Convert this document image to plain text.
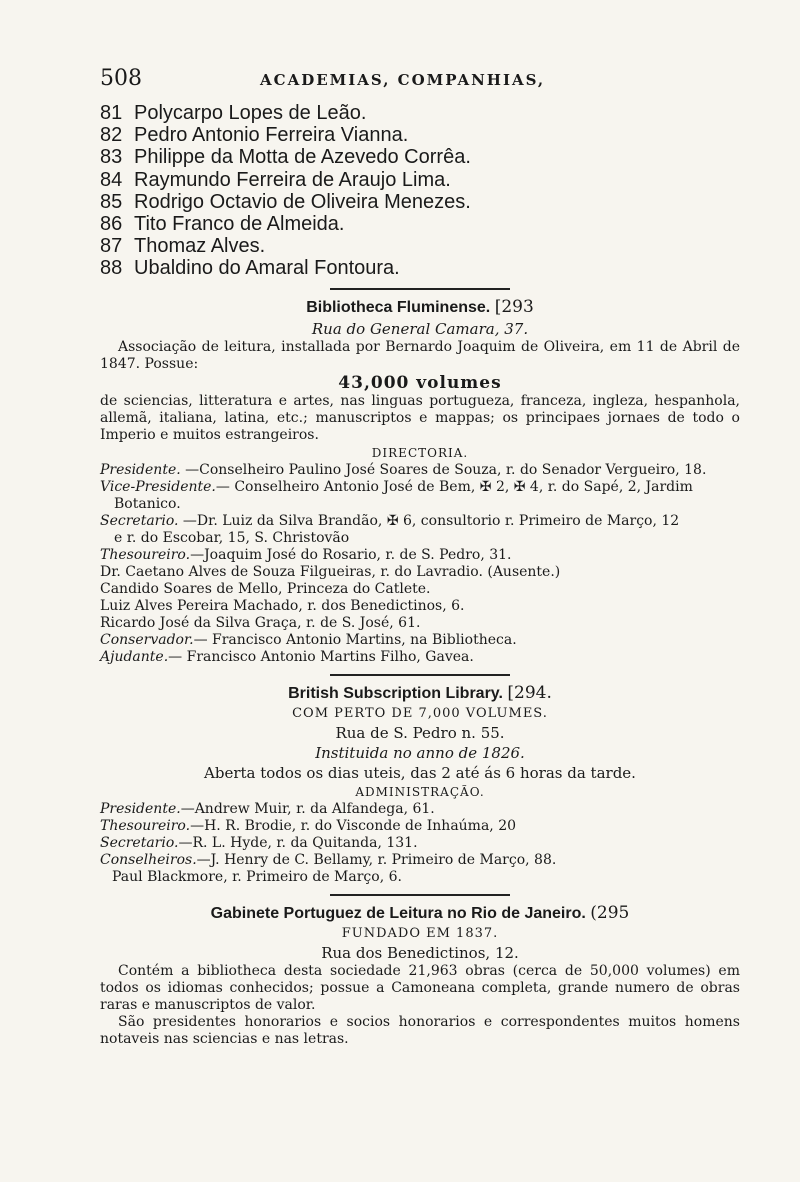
508	ACADEMIAS, COMPANHIAS,
81 Polycarpo Lopes de Leão.
82 Pedro Antonio Ferreira Vianna.
83 Philippe da Motta de Azevedo Corrêa.
84 Raymundo Ferreira de Araujo Lima.
85 Rodrigo Octavio de Oliveira Menezes.
86 Tito Franco de Almeida.
87 Thomaz Alves.
88 Ubaldino do Amaral Fontoura.
Bibliotheca Fluminense. [293
Rua do General Camara, 37.
Associação de leitura, installada por Bernardo Joaquim de Oliveira, em 11 de Abril de 1847. Possue:
43,000 volumes
de sciencias, litteratura e artes, nas linguas portugueza, franceza, ingleza, hespanhola, allemã, italiana, latina, etc.; manuscriptos e mappas; os principaes jornaes de todo o Imperio e muitos estrangeiros.
DIRECTORIA.
Presidente. —Conselheiro Paulino José Soares de Souza, r. do Senador Vergueiro, 18.
Vice-Presidente.— Conselheiro Antonio José de Bem, ✠ 2, ✠ 4, r. do Sapé, 2, Jardim
Botanico.
Secretario. —Dr. Luiz da Silva Brandão, ✠ 6, consultorio r. Primeiro de Março, 12
e r. do Escobar, 15, S. Christovão
Thesoureiro.—Joaquim José do Rosario, r. de S. Pedro, 31.
Dr. Caetano Alves de Souza Filgueiras, r. do Lavradio. (Ausente.)
Candido Soares de Mello, Princeza do Catlete.
Luiz Alves Pereira Machado, r. dos Benedictinos, 6.
Ricardo José da Silva Graça, r. de S. José, 61.
Conservador.— Francisco Antonio Martins, na Bibliotheca.
Ajudante.— Francisco Antonio Martins Filho, Gavea.
British Subscription Library. [294.
COM PERTO DE 7,000 VOLUMES.
Rua de S. Pedro n. 55.
Instituida no anno de 1826.
Aberta todos os dias uteis, das 2 até ás 6 horas da tarde.
ADMINISTRAÇÃO.
Presidente.—Andrew Muir, r. da Alfandega, 61.
Thesoureiro.—H. R. Brodie, r. do Visconde de Inhaúma, 20
Secretario.—R. L. Hyde, r. da Quitanda, 131.
Conselheiros.—J. Henry de C. Bellamy, r. Primeiro de Março, 88.
Paul Blackmore, r. Primeiro de Março, 6.
Gabinete Portuguez de Leitura no Rio de Janeiro. (295
FUNDADO EM 1837.
Rua dos Benedictinos, 12.
Contém a bibliotheca desta sociedade 21,963 obras (cerca de 50,000 volumes) em todos os idiomas conhecidos; possue a Camoneana completa, grande numero de obras raras e manuscriptos de valor.
São presidentes honorarios e socios honorarios e correspondentes muitos homens notaveis nas sciencias e nas letras.
